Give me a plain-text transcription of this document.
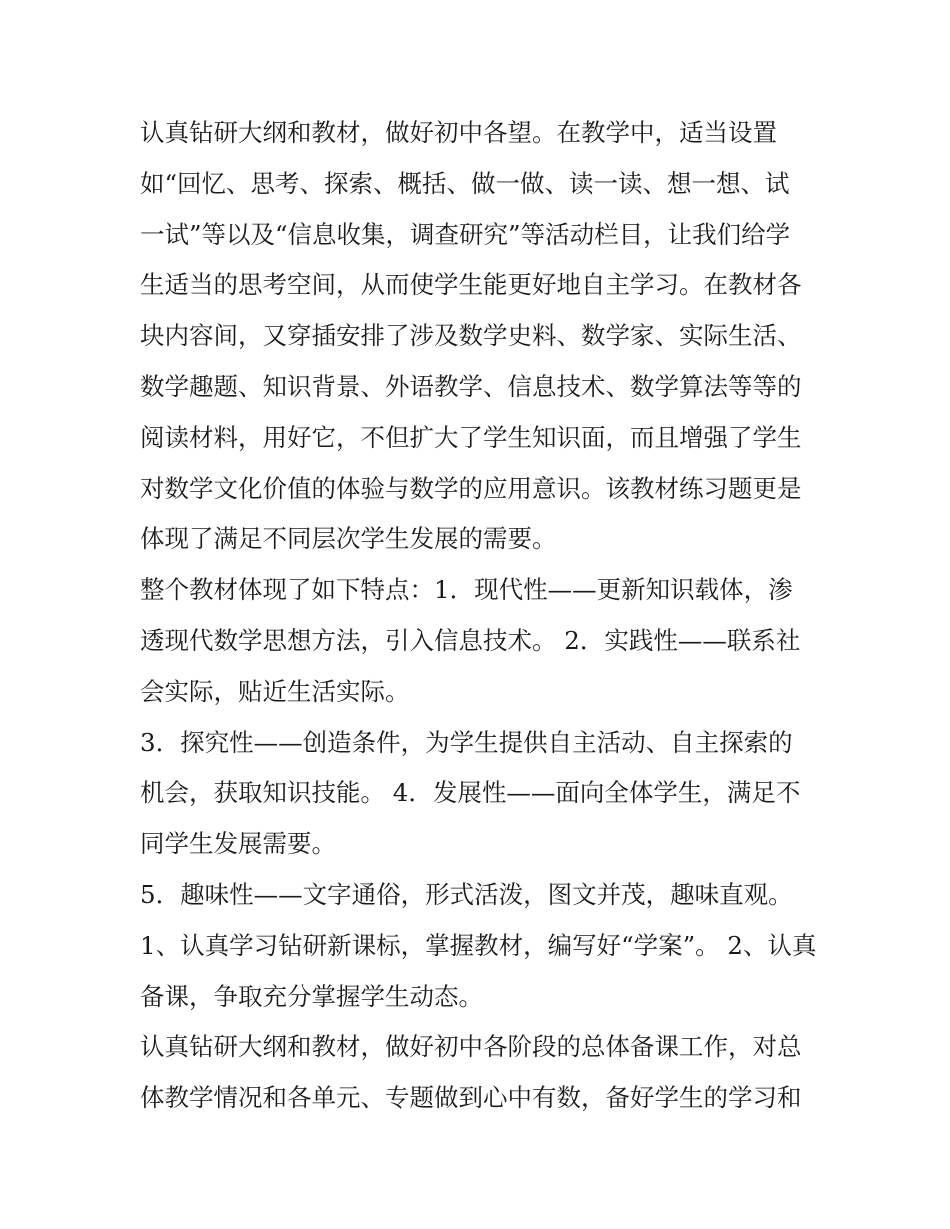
认真钻研大纲和教材，做好初中各望。在教学中，适当设置
如“回忆、思考、探索、概括、做一做、读一读、想一想、试
一试”等以及“信息收集，调查研究”等活动栏目，让我们给学
生适当的思考空间，从而使学生能更好地自主学习。在教材各
块内容间，又穿插安排了涉及数学史料、数学家、实际生活、
数学趣题、知识背景、外语教学、信息技术、数学算法等等的
阅读材料，用好它，不但扩大了学生知识面，而且增强了学生
对数学文化价值的体验与数学的应用意识。该教材练习题更是
体现了满足不同层次学生发展的需要。
整个教材体现了如下特点：1．现代性——更新知识载体，渗
透现代数学思想方法，引入信息技术。 2．实践性——联系社
会实际，贴近生活实际。
3．探究性——创造条件，为学生提供自主活动、自主探索的
机会，获取知识技能。 4．发展性——面向全体学生，满足不
同学生发展需要。
5．趣味性——文字通俗，形式活泼，图文并茂，趣味直观。
1、认真学习钻研新课标，掌握教材，编写好“学案”。 2、认真
备课，争取充分掌握学生动态。
认真钻研大纲和教材，做好初中各阶段的总体备课工作，对总
体教学情况和各单元、专题做到心中有数，备好学生的学习和
